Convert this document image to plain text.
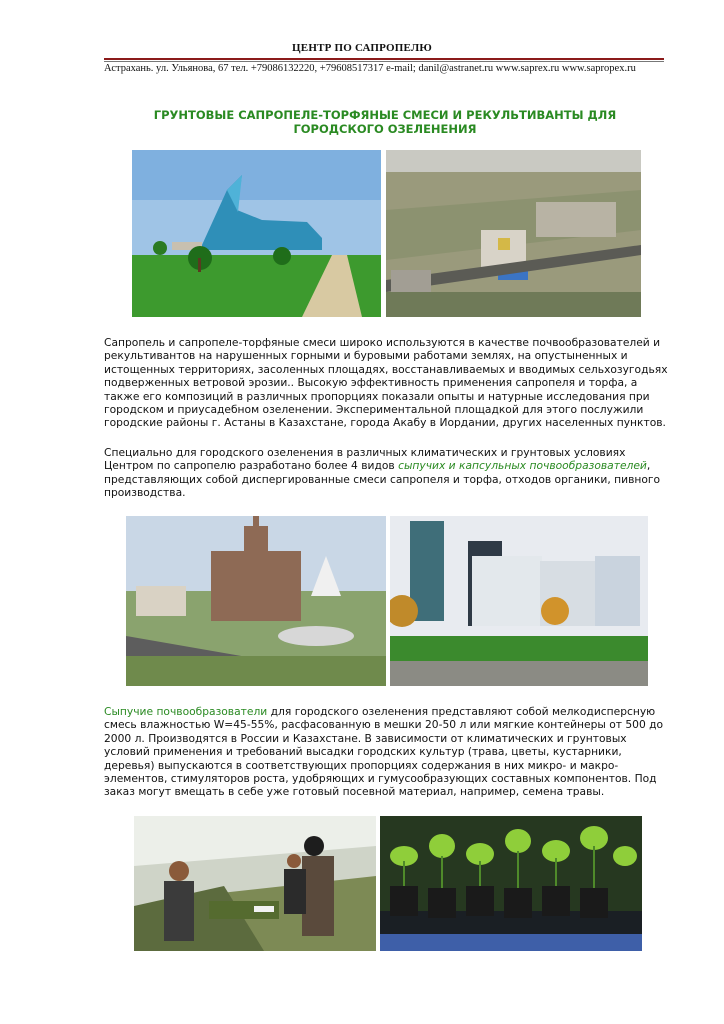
ЦЕНТР ПО САПРОПЕЛЮ
Астрахань. ул. Ульянова, 67 тел. +79086132220, +79608517317 e-mail; danil@astranet.ru www.saprex.ru www.sapropex.ru
ГРУНТОВЫЕ САПРОПЕЛЕ-ТОРФЯНЫЕ СМЕСИ И РЕКУЛЬТИВАНТЫ ДЛЯ ГОРОДСКОГО ОЗЕЛЕНЕНИЯ
Сапропель и сапропеле-торфяные смеси широко используются в качестве почвообразователей и рекультивантов на нарушенных горными и буровыми работами землях, на опустыненных и истощенных территориях, засоленных площадях, восстанавливаемых и вводимых сельхозугодьях подверженных ветровой эрозии.. Высокую эффективность применения сапропеля и торфа, а также его композиций в различных пропорциях показали опыты и натурные исследования при городском и приусадебном озеленении. Экспериментальной площадкой для этого послужили городские районы г. Астаны в Казахстане, города Акабу в Иордании, других населенных пунктов.
Специально для городского озеленения в различных климатических и грунтовых условиях Центром по сапропелю разработано более 4 видов сыпучих и капсульных почвообразователей, представляющих собой диспергированные смеси сапропеля и торфа, отходов органики, пивного производства.
Сыпучие почвообразователи для городского озеленения представляют собой мелкодисперсную смесь влажностью W=45-55%, расфасованную в мешки 20-50 л или мягкие контейнеры от 500 до 2000 л. Производятся в России и Казахстане. В зависимости от климатических и грунтовых условий применения и требований высадки городских культур (трава, цветы, кустарники, деревья) выпускаются в соответствующих пропорциях содержания в них микро- и макро- элементов, стимуляторов роста, удобряющих и гумусообразующих составных компонентов. Под заказ могут вмещать в себе уже готовый посевной материал, например, семена травы.
